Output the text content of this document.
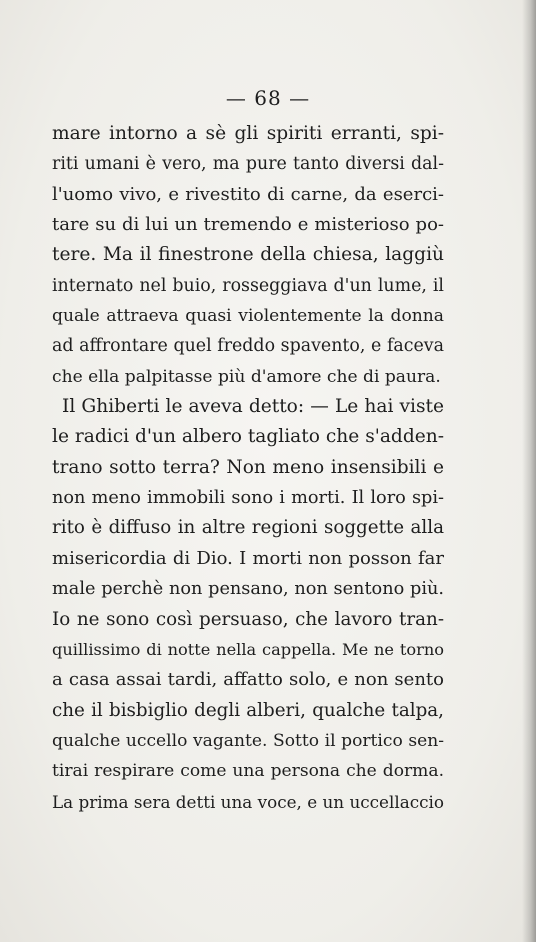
— 68 —
mare intorno a sè gli spiriti erranti, spi-
riti umani è vero, ma pure tanto diversi dal-
l'uomo vivo, e rivestito di carne, da eserci-
tare su di lui un tremendo e misterioso po-
tere. Ma il finestrone della chiesa, laggiù
internato nel buio, rosseggiava d'un lume, il
quale attraeva quasi violentemente la donna
ad affrontare quel freddo spavento, e faceva
che ella palpitasse più d'amore che di paura.
Il Ghiberti le aveva detto: — Le hai viste
le radici d'un albero tagliato che s'adden-
trano sotto terra? Non meno insensibili e
non meno immobili sono i morti. Il loro spi-
rito è diffuso in altre regioni soggette alla
misericordia di Dio. I morti non posson far
male perchè non pensano, non sentono più.
Io ne sono così persuaso, che lavoro tran-
quillissimo di notte nella cappella. Me ne torno
a casa assai tardi, affatto solo, e non sento
che il bisbiglio degli alberi, qualche talpa,
qualche uccello vagante. Sotto il portico sen-
tirai respirare come una persona che dorma.
La prima sera detti una voce, e un uccellaccio
